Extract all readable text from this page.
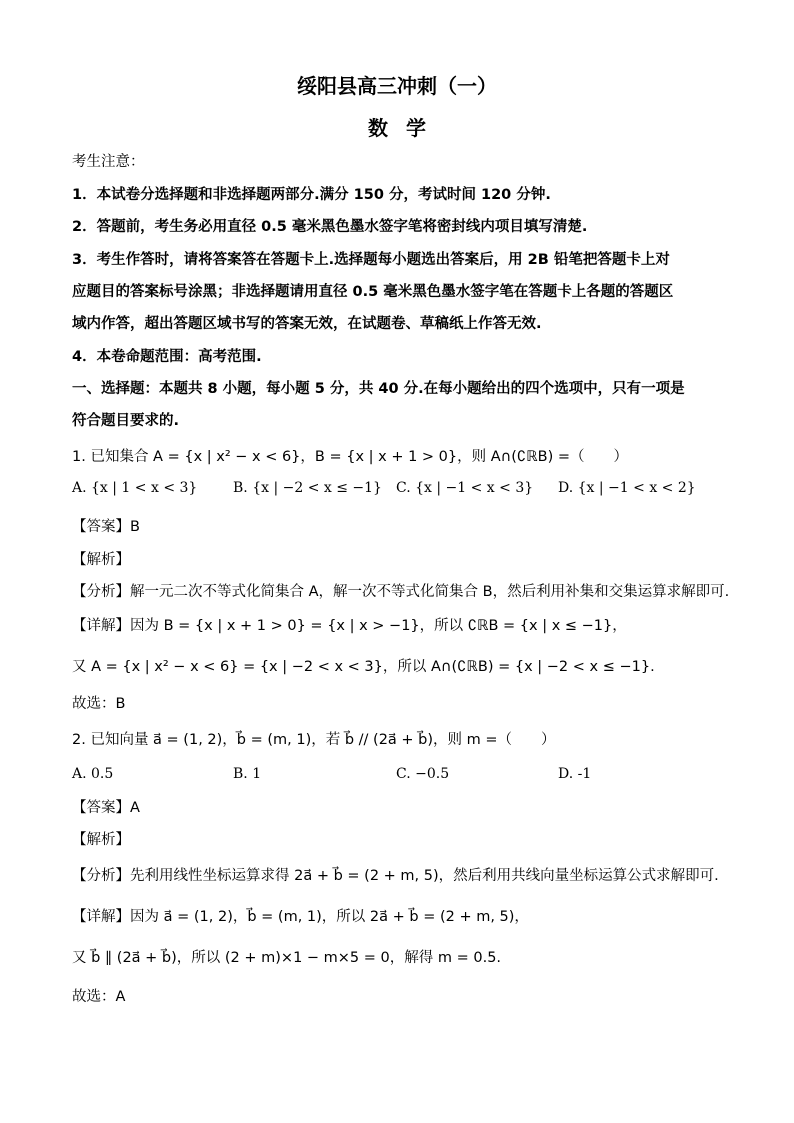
绥阳县高三冲刺（一）
数学
考生注意：
1．本试卷分选择题和非选择题两部分.满分 150 分，考试时间 120 分钟.
2．答题前，考生务必用直径 0.5 毫米黑色墨水签字笔将密封线内项目填写清楚.
3．考生作答时，请将答案答在答题卡上.选择题每小题选出答案后，用 2B 铅笔把答题卡上对
应题目的答案标号涂黑；非选择题请用直径 0.5 毫米黑色墨水签字笔在答题卡上各题的答题区
域内作答，超出答题区域书写的答案无效，在试题卷、草稿纸上作答无效.
4．本卷命题范围：高考范围.
一、选择题：本题共 8 小题，每小题 5 分，共 40 分.在每小题给出的四个选项中，只有一项是
符合题目要求的.
1. 已知集合 A = {x | x² − x < 6}，B = {x | x + 1 > 0}，则 A∩(∁ℝB) =（　　）
A. {x | 1 < x < 3}	B. {x | −2 < x ≤ −1} C. {x | −1 < x < 3} D. {x | −1 < x < 2}
【答案】B
【解析】
【分析】解一元二次不等式化简集合 A，解一次不等式化简集合 B，然后利用补集和交集运算求解即可.
【详解】因为 B = {x | x + 1 > 0} = {x | x > −1}，所以 ∁ℝB = {x | x ≤ −1}，
又 A = {x | x² − x < 6} = {x | −2 < x < 3}，所以 A∩(∁ℝB) = {x | −2 < x ≤ −1}.
故选：B
2. 已知向量 a⃗ = (1, 2)，b⃗ = (m, 1)，若 b⃗ // (2a⃗ + b⃗)，则 m =（　　）
A. 0.5	B. 1	C. −0.5	D. -1
【答案】A
【解析】
【分析】先利用线性坐标运算求得 2a⃗ + b⃗ = (2 + m, 5)，然后利用共线向量坐标运算公式求解即可.
【详解】因为 a⃗ = (1, 2)，b⃗ = (m, 1)，所以 2a⃗ + b⃗ = (2 + m, 5)，
又 b⃗ ∥ (2a⃗ + b⃗)，所以 (2 + m)×1 − m×5 = 0，解得 m = 0.5.
故选：A
